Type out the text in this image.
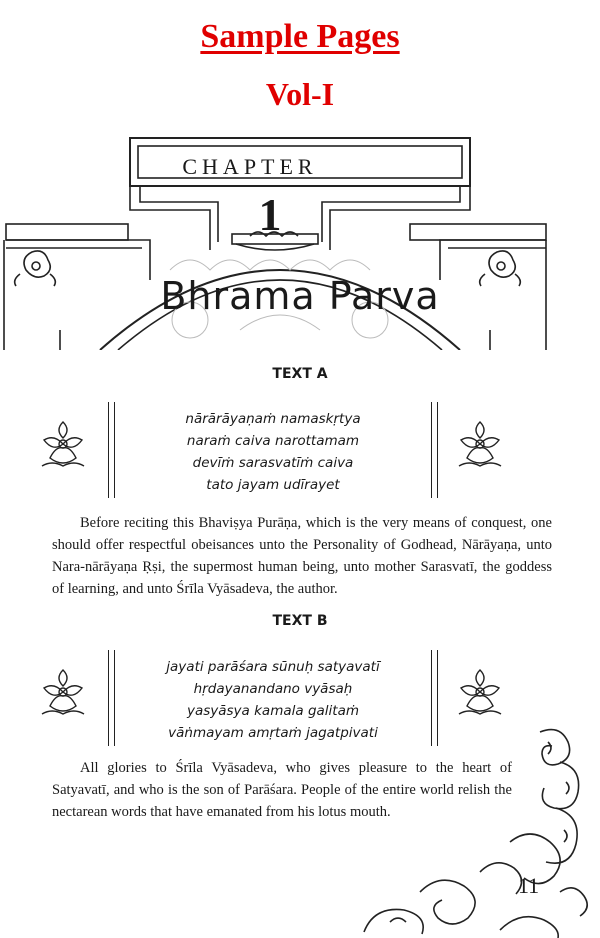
Sample Pages
Vol-I
CHAPTER
1
Bhrama Parva
TEXT A
nārārāyaṇaṁ namaskṛtya
naraṁ caiva narottamam
devīṁ sarasvatīṁ caiva
tato jayam udīrayet

Before reciting this Bhaviṣya Purāṇa, which is the very means of conquest, one should offer respectful obeisances unto the Personality of Godhead, Nārāyaṇa, unto Nara-nārāyaṇa Ṛṣi, the supermost human being, unto mother Sarasvatī, the goddess of learning, and unto Śrīla Vyāsadeva, the author.

TEXT B
jayati parāśara sūnuḥ satyavatī
hṛdayanandano vyāsaḥ
yasyāsya kamala galitaṁ
vāṅmayam amṛtaṁ jagatpivati

All glories to Śrīla Vyāsadeva, who gives pleasure to the heart of Satyavatī, and who is the son of Parāśara. People of the entire world relish the nectarean words that have emanated from his lotus mouth.

11
